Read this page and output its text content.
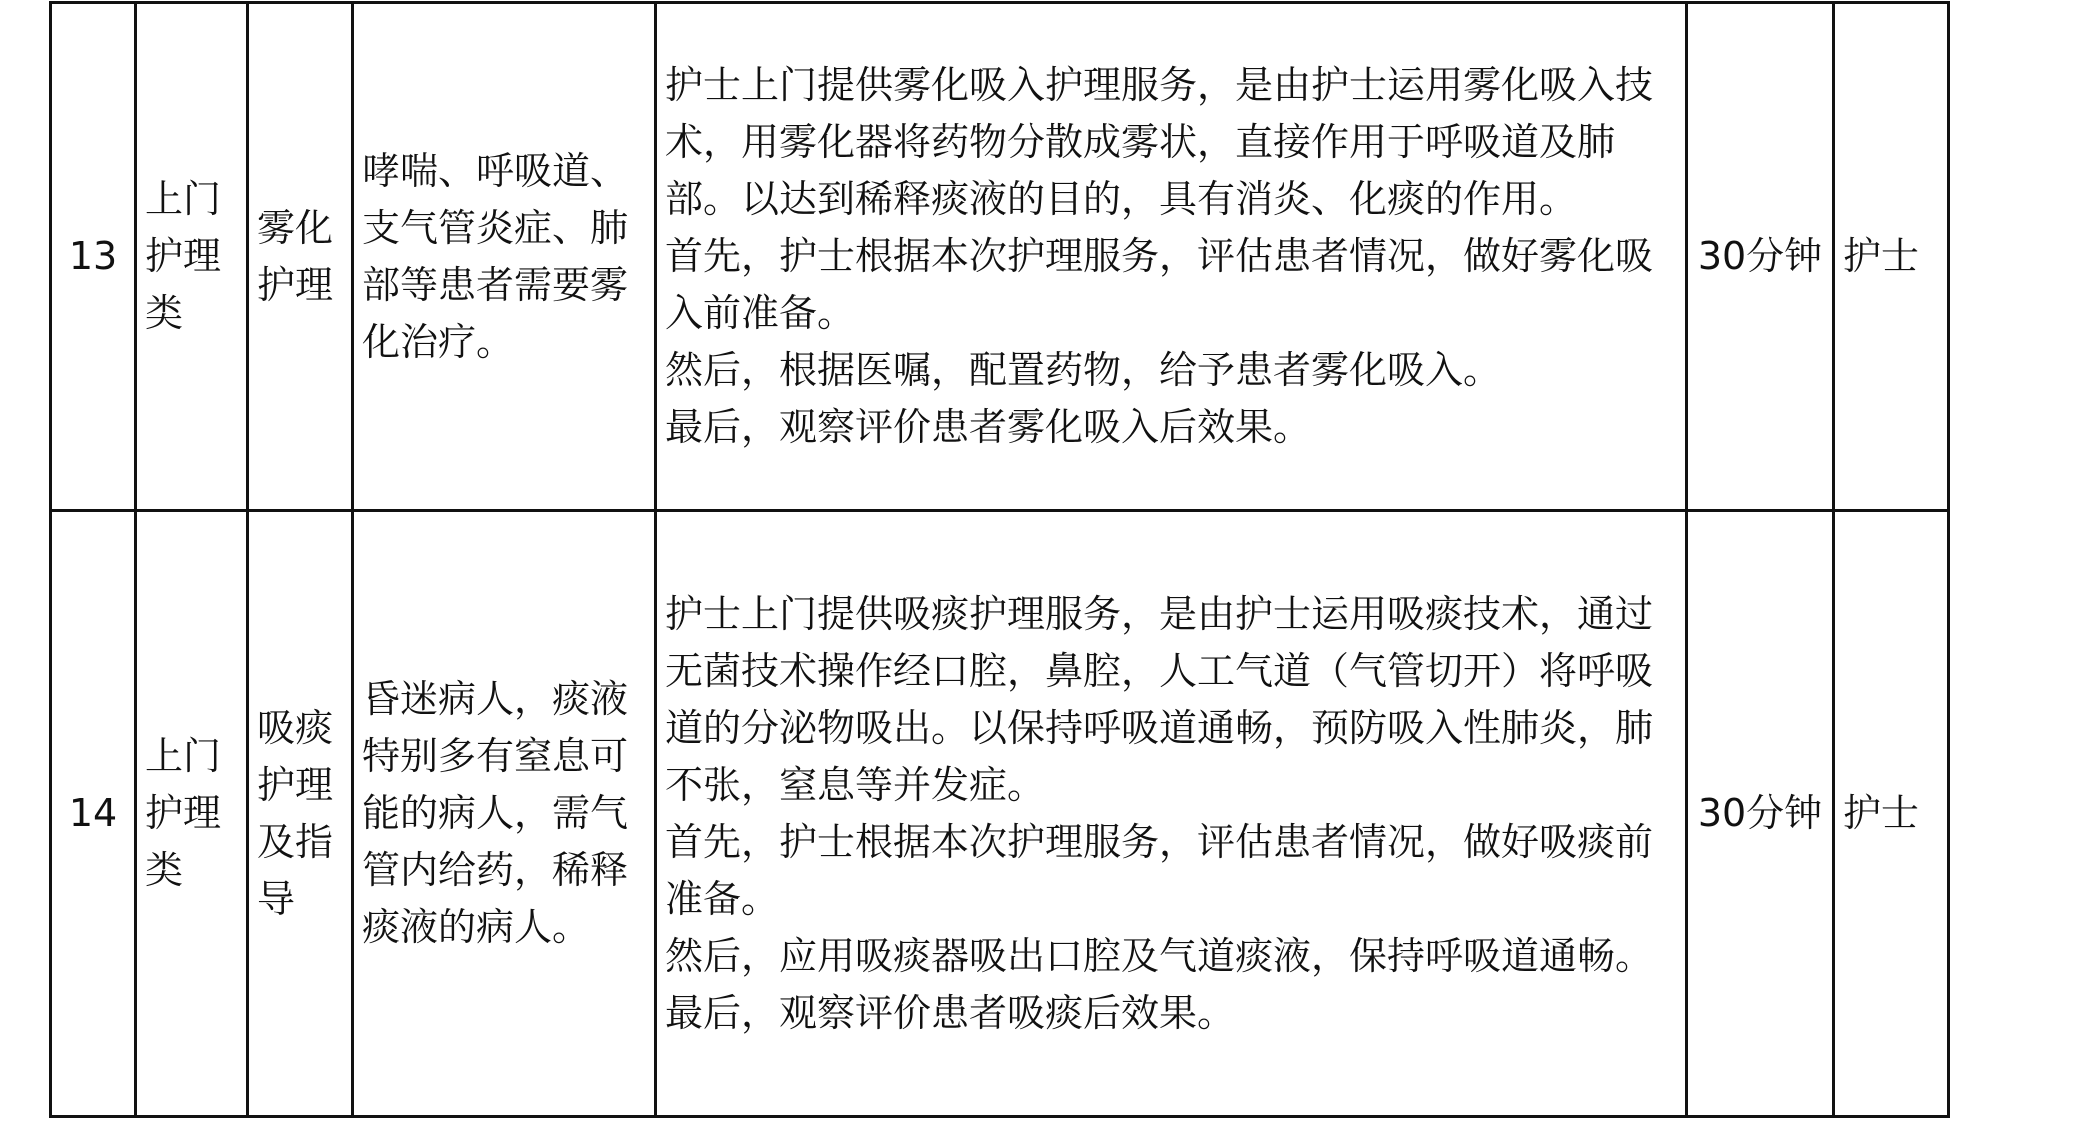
13	上门护理类	雾化护理	哮喘、呼吸道、支气管炎症、肺部等患者需要雾化治疗。	护士上门提供雾化吸入护理服务，是由护士运用雾化吸入技术，用雾化器将药物分散成雾状，直接作用于呼吸道及肺部。以达到稀释痰液的目的，具有消炎、化痰的作用。
首先，护士根据本次护理服务，评估患者情况，做好雾化吸入前准备。
然后，根据医嘱，配置药物，给予患者雾化吸入。
最后，观察评价患者雾化吸入后效果。	30分钟	护士
14	上门护理类	吸痰护理及指导	昏迷病人，痰液特别多有窒息可能的病人，需气管内给药，稀释痰液的病人。	护士上门提供吸痰护理服务，是由护士运用吸痰技术，通过无菌技术操作经口腔，鼻腔，人工气道（气管切开）将呼吸道的分泌物吸出。以保持呼吸道通畅，预防吸入性肺炎，肺不张，窒息等并发症。
首先，护士根据本次护理服务，评估患者情况，做好吸痰前准备。
然后，应用吸痰器吸出口腔及气道痰液，保持呼吸道通畅。
最后，观察评价患者吸痰后效果。	30分钟	护士
